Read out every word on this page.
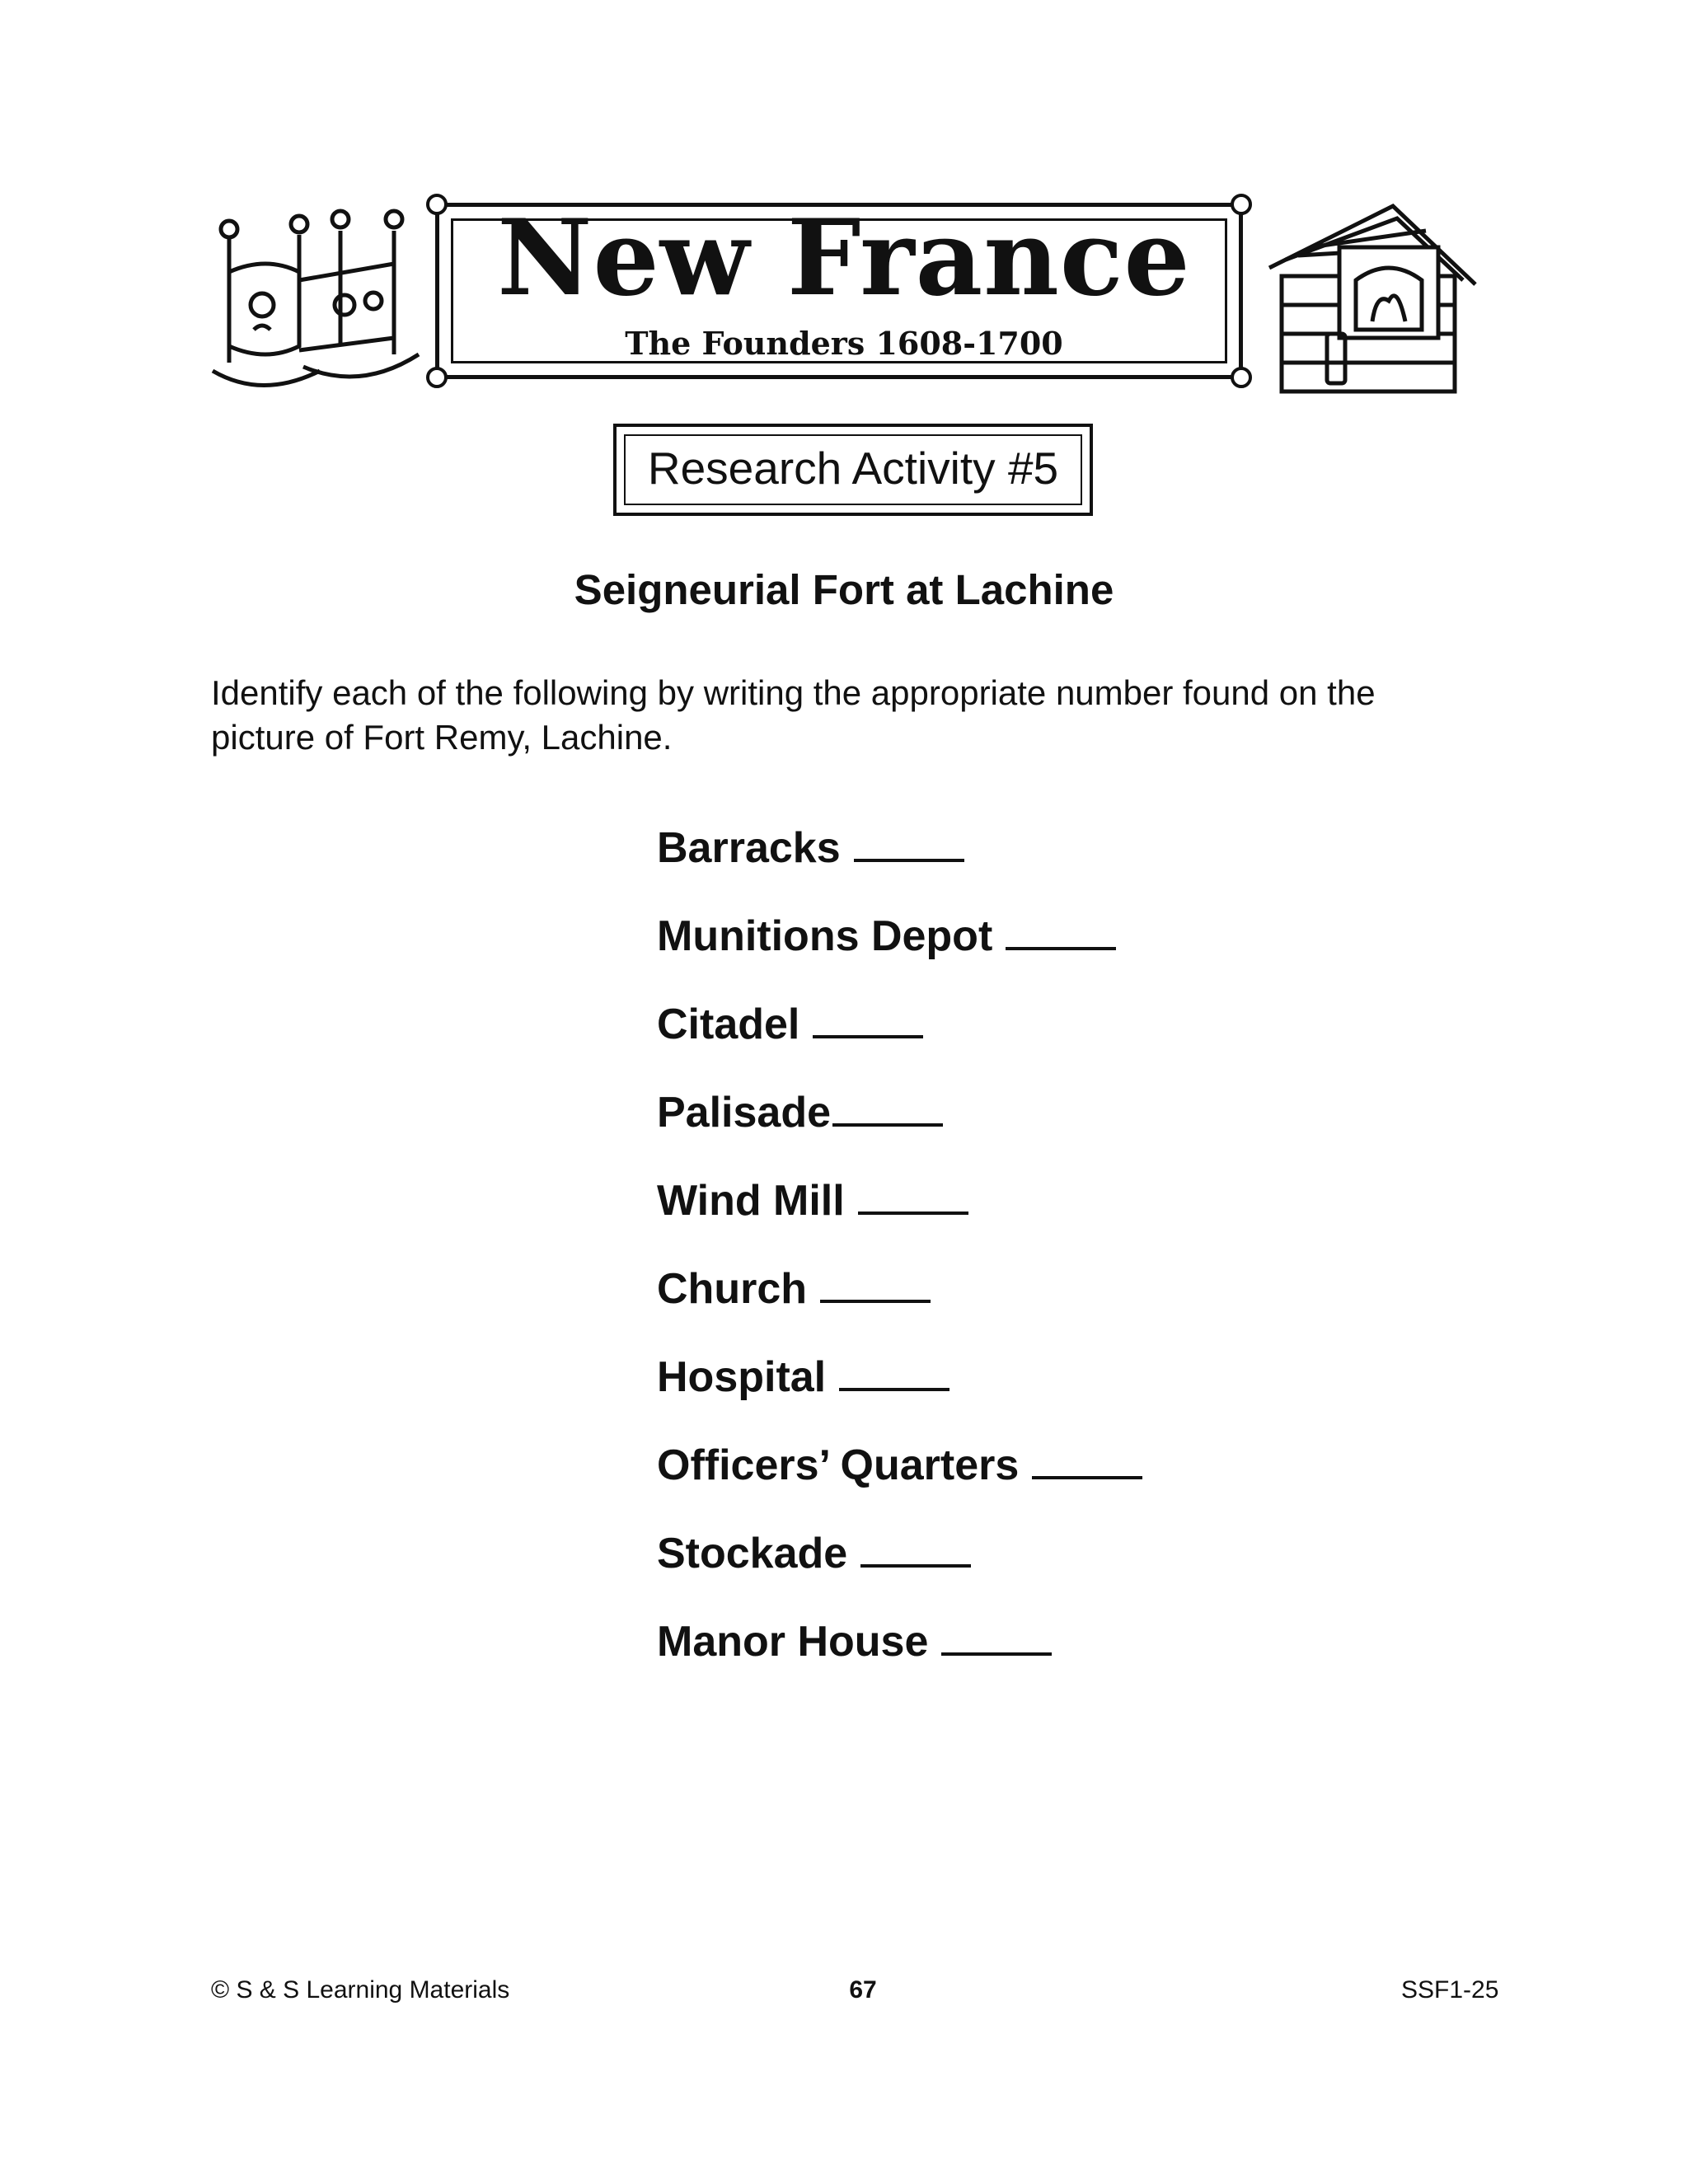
New France
The Founders 1608-1700
Research Activity #5
Seigneurial Fort at Lachine
Identify each of the following by writing the appropriate number found on the picture of Fort Remy, Lachine.
Barracks
Munitions Depot
Citadel
Palisade
Wind Mill
Church
Hospital
Officers’ Quarters
Stockade
Manor House
© S & S Learning Materials	67	SSF1-25
